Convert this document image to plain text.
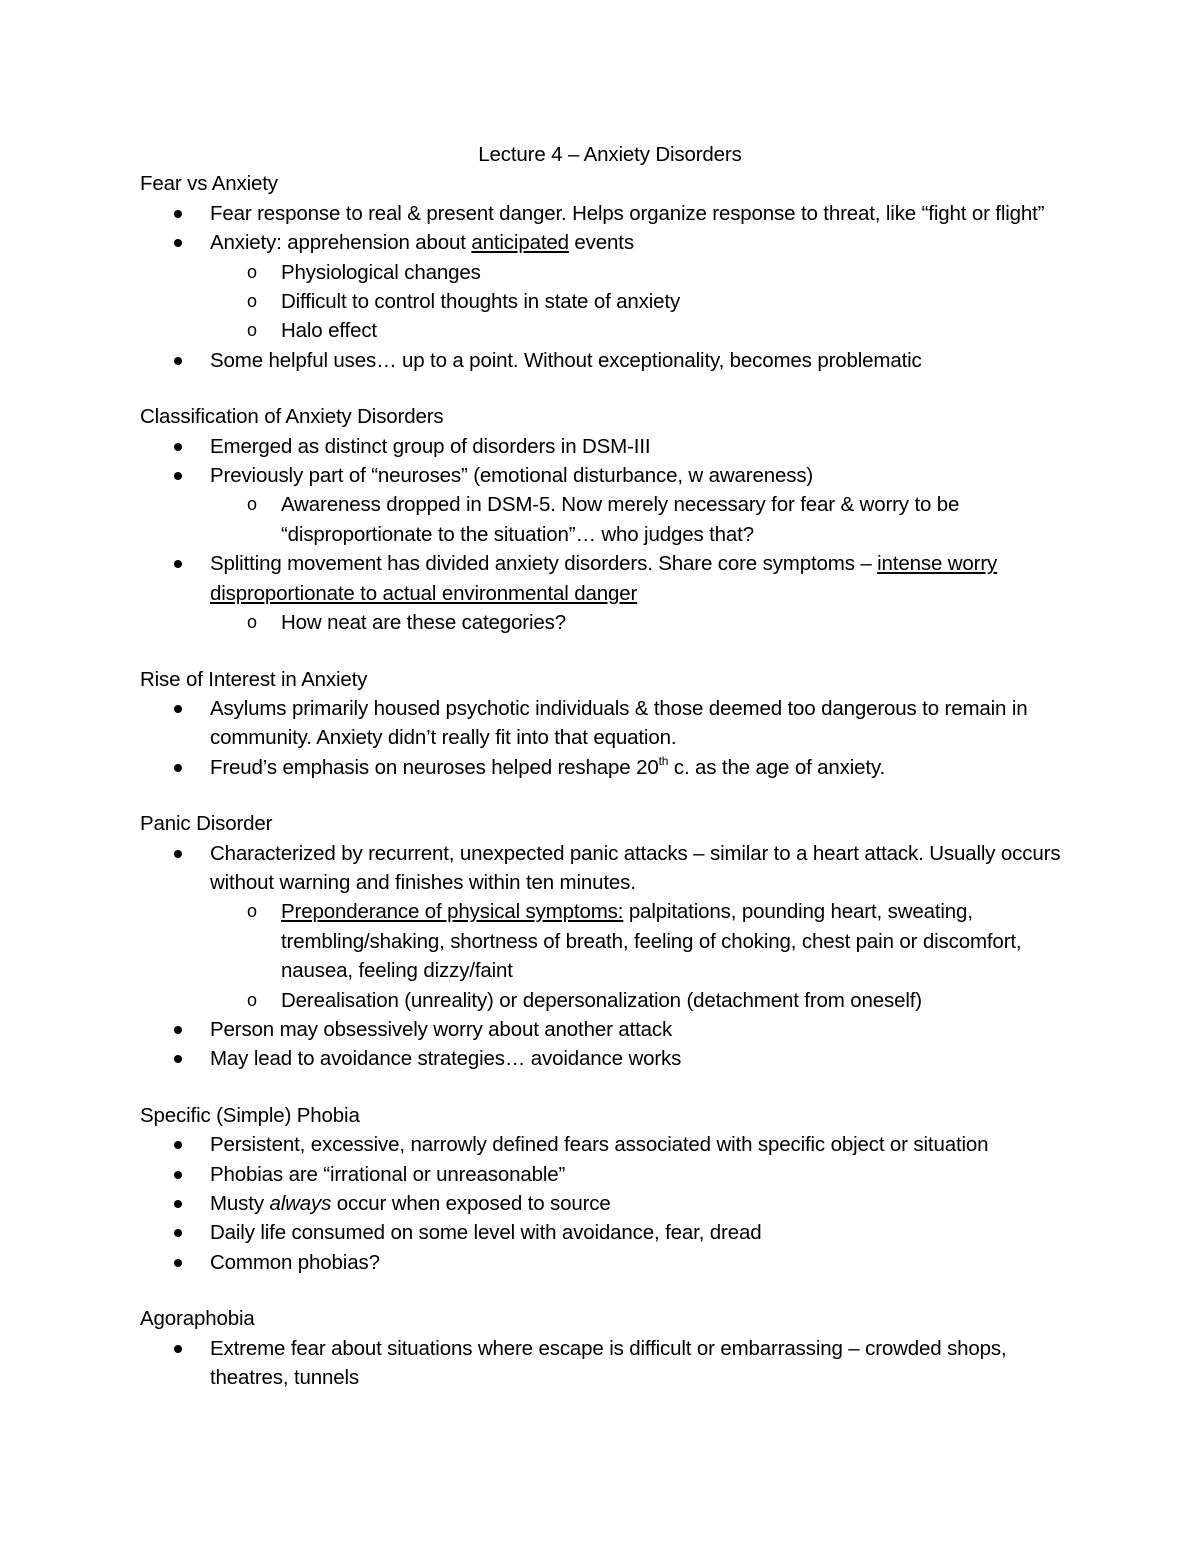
Lecture 4 – Anxiety Disorders

Fear vs Anxiety

Fear response to real & present danger. Helps organize response to threat, like “fight or flight”
Anxiety: apprehension about anticipated events
o Physiological changes
o Difficult to control thoughts in state of anxiety
o Halo effect
Some helpful uses… up to a point. Without exceptionality, becomes problematic

Classification of Anxiety Disorders

Emerged as distinct group of disorders in DSM-III
Previously part of “neuroses” (emotional disturbance, w awareness)
o Awareness dropped in DSM-5. Now merely necessary for fear & worry to be “disproportionate to the situation”… who judges that?
Splitting movement has divided anxiety disorders. Share core symptoms – intense worry disproportionate to actual environmental danger
o How neat are these categories?

Rise of Interest in Anxiety

Asylums primarily housed psychotic individuals & those deemed too dangerous to remain in community. Anxiety didn’t really fit into that equation.
Freud’s emphasis on neuroses helped reshape 20th c. as the age of anxiety.

Panic Disorder

Characterized by recurrent, unexpected panic attacks – similar to a heart attack. Usually occurs without warning and finishes within ten minutes.
o Preponderance of physical symptoms: palpitations, pounding heart, sweating, trembling/shaking, shortness of breath, feeling of choking, chest pain or discomfort, nausea, feeling dizzy/faint
o Derealisation (unreality) or depersonalization (detachment from oneself)
Person may obsessively worry about another attack
May lead to avoidance strategies… avoidance works

Specific (Simple) Phobia

Persistent, excessive, narrowly defined fears associated with specific object or situation
Phobias are “irrational or unreasonable”
Musty always occur when exposed to source
Daily life consumed on some level with avoidance, fear, dread
Common phobias?

Agoraphobia

Extreme fear about situations where escape is difficult or embarrassing – crowded shops, theatres, tunnels
